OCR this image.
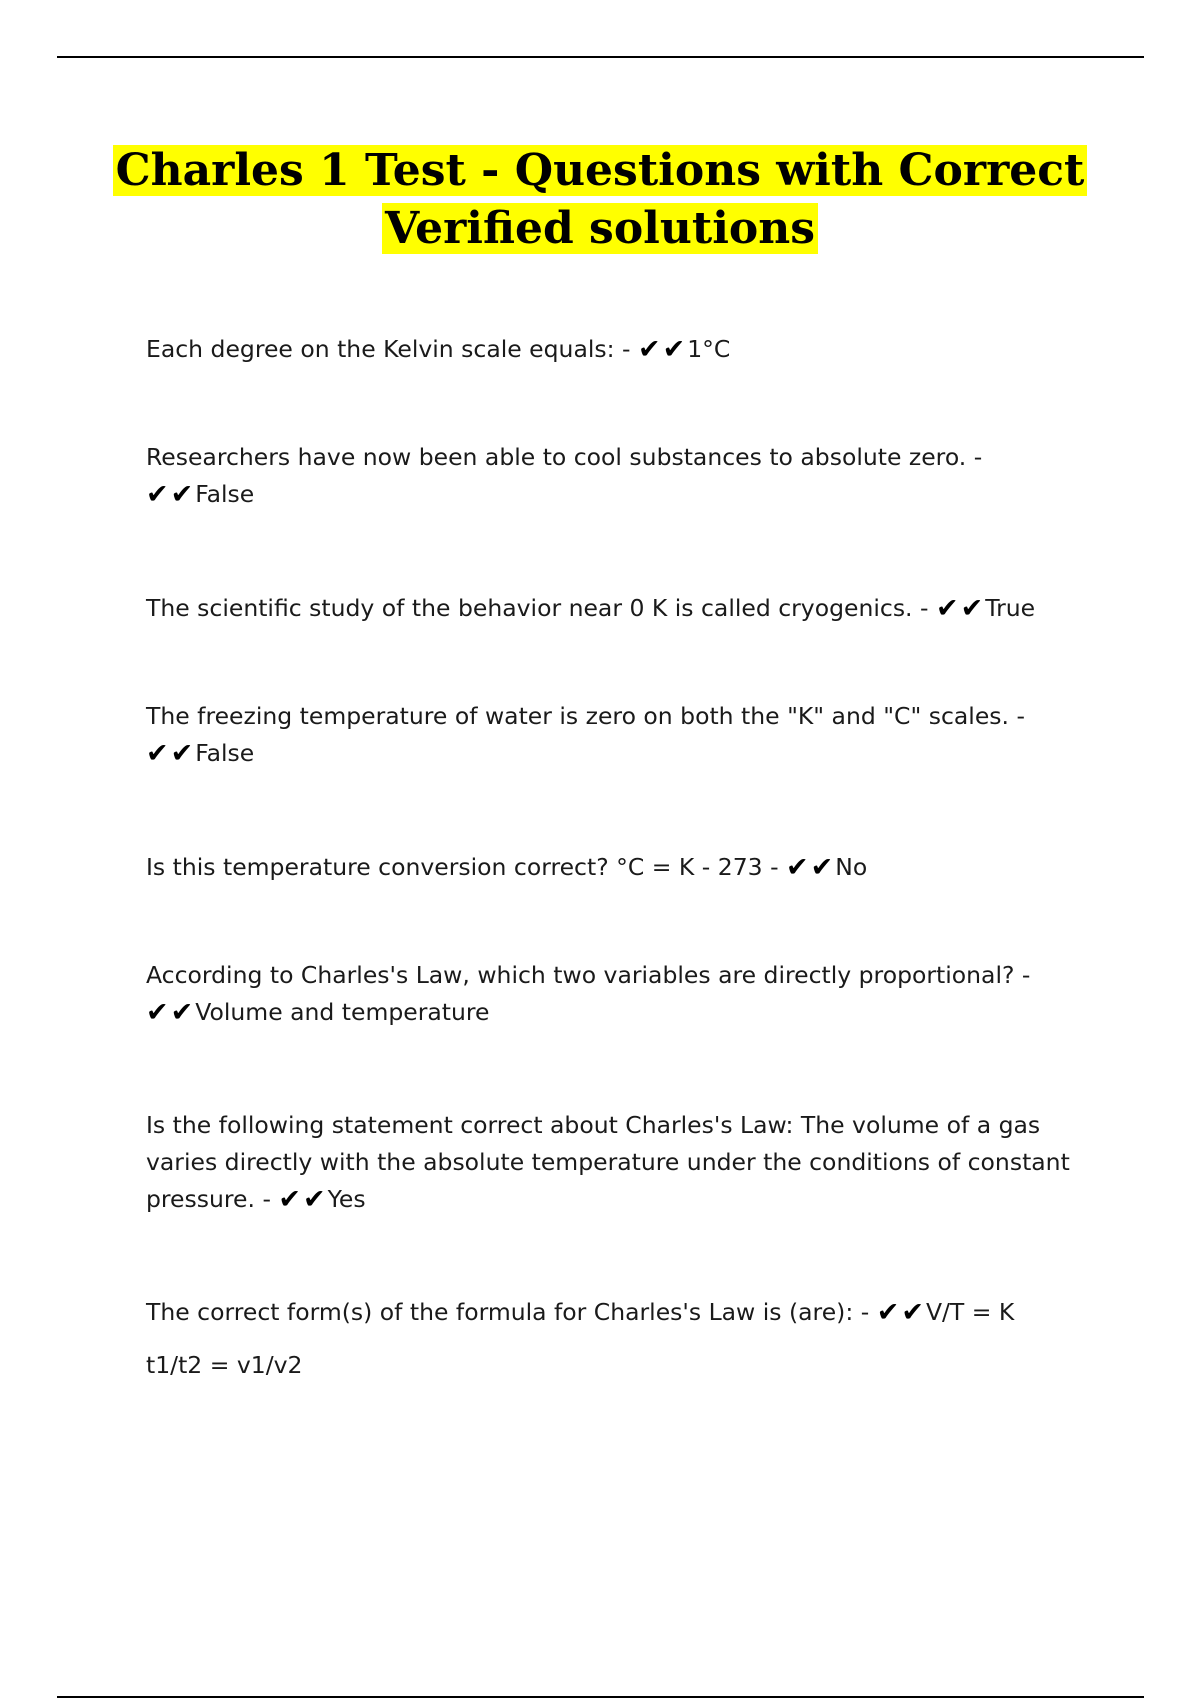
Charles 1 Test - Questions with Correct
Verified solutions

Each degree on the Kelvin scale equals: - ✔✔1°C

Researchers have now been able to cool substances to absolute zero. -
✔✔False

The scientific study of the behavior near 0 K is called cryogenics. - ✔✔True

The freezing temperature of water is zero on both the "K" and "C" scales. -
✔✔False

Is this temperature conversion correct? °C = K - 273 - ✔✔No

According to Charles's Law, which two variables are directly proportional? -
✔✔Volume and temperature

Is the following statement correct about Charles's Law: The volume of a gas varies directly with the absolute temperature under the conditions of constant pressure. - ✔✔Yes

The correct form(s) of the formula for Charles's Law is (are): - ✔✔V/T = K
t1/t2 = v1/v2
